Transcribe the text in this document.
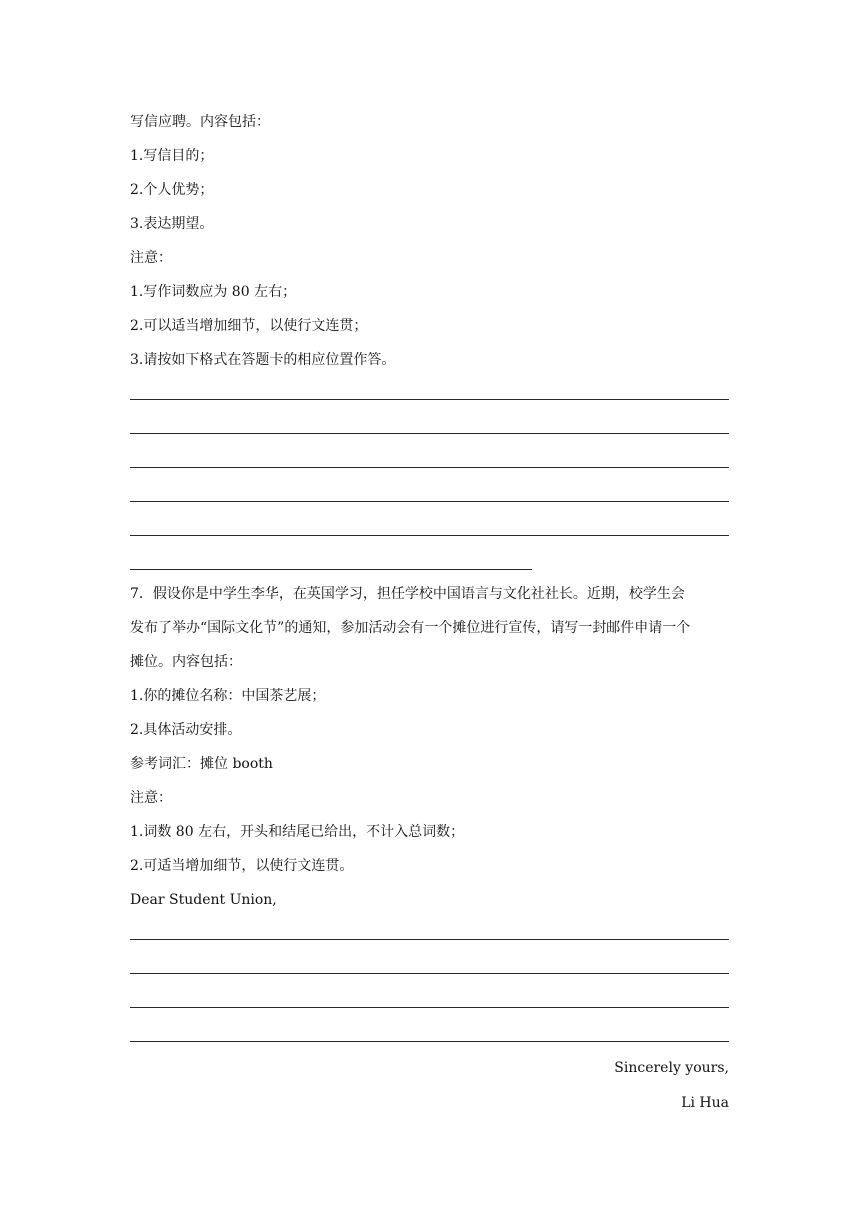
写信应聘。内容包括：
1.写信目的；
2.个人优势；
3.表达期望。
注意：
1.写作词数应为 80 左右；
2.可以适当增加细节，以使行文连贯；
3.请按如下格式在答题卡的相应位置作答。
7．假设你是中学生李华，在英国学习，担任学校中国语言与文化社社长。近期，校学生会
发布了举办“国际文化节”的通知，参加活动会有一个摊位进行宣传，请写一封邮件申请一个
摊位。内容包括：
1.你的摊位名称：中国茶艺展；
2.具体活动安排。
参考词汇：摊位 booth
注意：
1.词数 80 左右，开头和结尾已给出，不计入总词数；
2.可适当增加细节，以使行文连贯。
Dear Student Union,
Sincerely yours,
Li Hua
